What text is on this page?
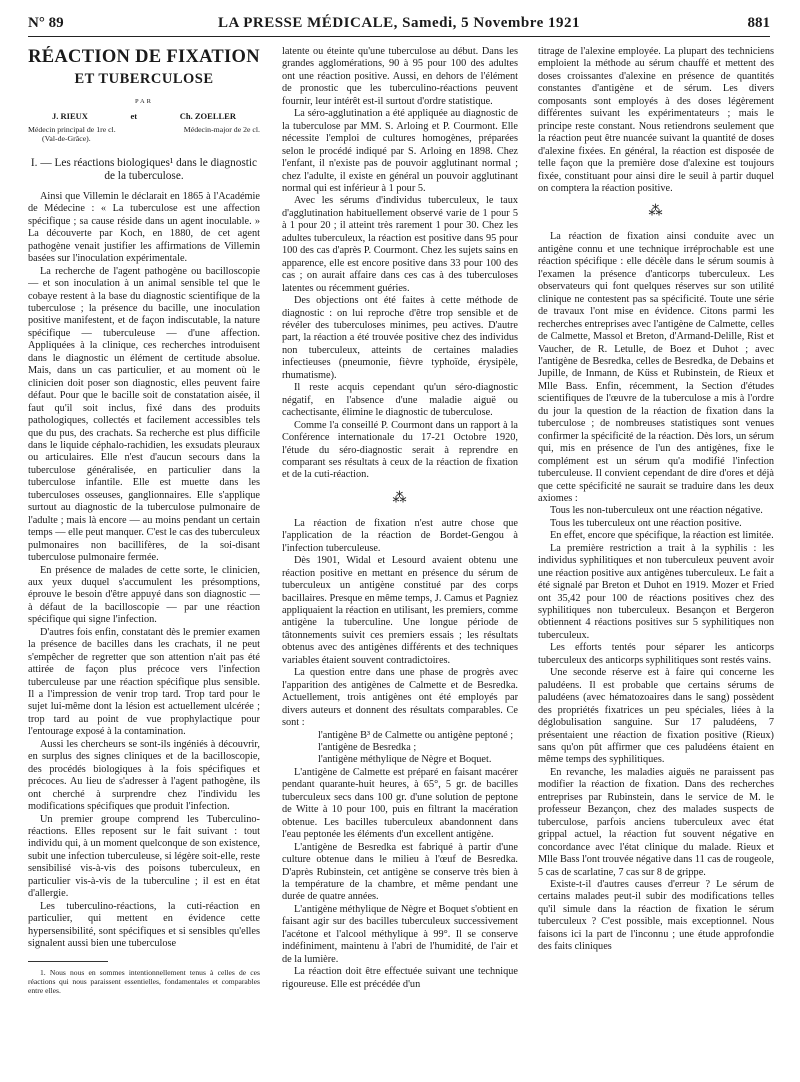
N° 89	LA PRESSE MÉDICALE, Samedi, 5 Novembre 1921	881
RÉACTION DE FIXATION
ET TUBERCULOSE
PAR
J. RIEUX	et	Ch. ZOELLER
Médecin principal de 1re cl.
(Val-de-Grâce).
Médecin-major de 2e cl.
I. — Les réactions biologiques¹ dans le diagnostic de la tuberculose.

Ainsi que Villemin le déclarait en 1865 à l'Académie de Médecine : « La tuberculose est une affection spécifique ; sa cause réside dans un agent inoculable. » La découverte par Koch, en 1880, de cet agent pathogène venait justifier les affirmations de Villemin basées sur l'inoculation expérimentale.

La recherche de l'agent pathogène ou bacilloscopie — et son inoculation à un animal sensible tel que le cobaye restent à la base du diagnostic scientifique de la tuberculose ; la présence du bacille, une inoculation positive manifestent, et de façon indiscutable, la nature spécifique — tuberculeuse — d'une affection. Appliquées à la clinique, ces recherches introduisent dans le diagnostic un élément de certitude absolue. Mais, dans un cas particulier, et au moment où le clinicien doit poser son diagnostic, elles peuvent faire défaut. Pour que le bacille soit de constatation aisée, il faut qu'il soit inclus, fixé dans des produits pathologiques, collectés et facilement accessibles tels que du pus, des crachats. Sa recherche est plus difficile dans le liquide céphalo-rachidien, les exsudats pleuraux ou articulaires. Elle n'est d'aucun secours dans la tuberculose généralisée, en particulier dans la tuberculose infantile. Elle est muette dans les tuberculoses osseuses, ganglionnaires. Elle s'applique surtout au diagnostic de la tuberculose pulmonaire de l'adulte ; mais là encore — au moins pendant un certain temps — elle peut manquer. C'est le cas des tuberculeux pulmonaires non bacillifères, de la soi-disant tuberculose pulmonaire fermée.

En présence de malades de cette sorte, le clinicien, aux yeux duquel s'accumulent les présomptions, éprouve le besoin d'être appuyé dans son diagnostic — à défaut de la bacilloscopie — par une réaction spécifique qui signe l'infection.

D'autres fois enfin, constatant dès le premier examen la présence de bacilles dans les crachats, il ne peut s'empêcher de regretter que son attention n'ait pas été attirée de façon plus précoce vers l'infection tuberculeuse par une réaction spécifique plus sensible. Il a l'impression de venir trop tard. Trop tard pour le sujet lui-même dont la lésion est actuellement ulcérée ; trop tard au point de vue prophylactique pour l'entourage exposé à la contamination.

Aussi les chercheurs se sont-ils ingéniés à découvrir, en surplus des signes cliniques et de la bacilloscopie, des procédés biologiques à la fois spécifiques et précoces. Au lieu de s'adresser à l'agent pathogène, ils ont cherché à surprendre chez l'individu les modifications spécifiques que produit l'infection.

Un premier groupe comprend les Tuberculino-réactions. Elles reposent sur le fait suivant : tout individu qui, à un moment quelconque de son existence, subit une infection tuberculeuse, si légère soit-elle, reste sensibilisé vis-à-vis des poisons tuberculeux, en particulier vis-à-vis de la tuberculine ; il est en état d'allergie.

Les tuberculino-réactions, la cuti-réaction en particulier, qui mettent en évidence cette hypersensibilité, sont spécifiques et si sensibles qu'elles signalent aussi bien une tuberculose

1. Nous nous en sommes intentionnellement tenus à celles de ces réactions qui nous paraissent essentielles, fondamentales et comparables entre elles.

latente ou éteinte qu'une tuberculose au début. Dans les grandes agglomérations, 90 à 95 pour 100 des adultes ont une réaction positive. Aussi, en dehors de l'élément de pronostic que les tuberculino-réactions peuvent fournir, leur intérêt est-il surtout d'ordre statistique.

La séro-agglutination a été appliquée au diagnostic de la tuberculose par MM. S. Arloing et P. Courmont. Elle nécessite l'emploi de cultures homogènes, préparées selon le procédé indiqué par S. Arloing en 1898. Chez l'enfant, il n'existe pas de pouvoir agglutinant normal ; chez l'adulte, il existe en général un pouvoir agglutinant normal qui est inférieur à 1 pour 5.

Avec les sérums d'individus tuberculeux, le taux d'agglutination habituellement observé varie de 1 pour 5 à 1 pour 20 ; il atteint très rarement 1 pour 30. Chez les adultes tuberculeux, la réaction est positive dans 95 pour 100 des cas d'après P. Courmont. Chez les sujets sains en apparence, elle est encore positive dans 33 pour 100 des cas ; on aurait affaire dans ces cas à des tuberculoses latentes ou récemment guéries.

Des objections ont été faites à cette méthode de diagnostic : on lui reproche d'être trop sensible et de révéler des tuberculoses minimes, peu actives. D'autre part, la réaction a été trouvée positive chez des individus non tuberculeux, atteints de certaines maladies infectieuses (pneumonie, fièvre typhoïde, érysipèle, rhumatisme).

Il reste acquis cependant qu'un séro-diagnostic négatif, en l'absence d'une maladie aiguë ou cachectisante, élimine le diagnostic de tuberculose.

Comme l'a conseillé P. Courmont dans un rapport à la Conférence internationale du 17-21 Octobre 1920, l'étude du séro-diagnostic serait à reprendre en comparant ses résultats à ceux de la réaction de fixation et de la cuti-réaction.

⁂

La réaction de fixation n'est autre chose que l'application de la réaction de Bordet-Gengou à l'infection tuberculeuse.

Dès 1901, Widal et Lesourd avaient obtenu une réaction positive en mettant en présence du sérum de tuberculeux un antigène constitué par des corps bacillaires. Presque en même temps, J. Camus et Pagniez appliquaient la réaction en utilisant, les premiers, comme antigène la tuberculine. Une longue période de tâtonnements suivit ces premiers essais ; les résultats obtenus avec des antigènes différents et des techniques variables étaient souvent contradictoires.

La question entre dans une phase de progrès avec l'apparition des antigènes de Calmette et de Besredka. Actuellement, trois antigènes ont été employés par divers auteurs et donnent des résultats comparables. Ce sont :

l'antigène B³ de Calmette ou antigène peptoné ;

l'antigène de Besredka ;

l'antigène méthylique de Nègre et Boquet.

L'antigène de Calmette est préparé en faisant macérer pendant quarante-huit heures, à 65°, 5 gr. de bacilles tuberculeux secs dans 100 gr. d'une solution de peptone de Witte à 10 pour 100, puis en filtrant la macération obtenue. Les bacilles tuberculeux abandonnent dans l'eau peptonée les éléments d'un excellent antigène.

L'antigène de Besredka est fabriqué à partir d'une culture obtenue dans le milieu à l'œuf de Besredka. D'après Rubinstein, cet antigène se conserve très bien à la température de la chambre, et même pendant une durée de quatre années.

L'antigène méthylique de Nègre et Boquet s'obtient en faisant agir sur des bacilles tuberculeux successivement l'acétone et l'alcool méthylique à 99°. Il se conserve indéfiniment, maintenu à l'abri de l'humidité, de l'air et de la lumière.

La réaction doit être effectuée suivant une technique rigoureuse. Elle est précédée d'un

titrage de l'alexine employée. La plupart des techniciens emploient la méthode au sérum chauffé et mettent des doses croissantes d'alexine en présence de quantités constantes d'antigène et de sérum. Les divers composants sont employés à des doses légèrement différentes suivant les expérimentateurs ; mais le principe reste constant. Nous retiendrons seulement que la réaction peut être nuancée suivant la quantité de doses d'alexine fixées. En général, la réaction est disposée de telle façon que la première dose d'alexine est toujours fixée, constituant pour ainsi dire le seuil à partir duquel on comptera la réaction positive.

⁂

La réaction de fixation ainsi conduite avec un antigène connu et une technique irréprochable est une réaction spécifique : elle décèle dans le sérum soumis à l'examen la présence d'anticorps tuberculeux. Les observateurs qui font quelques réserves sur son utilité clinique ne contestent pas sa spécificité. Toute une série de travaux l'ont mise en évidence. Citons parmi les recherches entreprises avec l'antigène de Calmette, celles de Calmette, Massol et Breton, d'Armand-Delille, Rist et Vaucher, de R. Letulle, de Boez et Duhot ; avec l'antigène de Besredka, celles de Besredka, de Debains et Jupille, de Inmann, de Küss et Rubinstein, de Rieux et Mlle Bass. Enfin, récemment, la Section d'études scientifiques de l'œuvre de la tuberculose a mis à l'ordre du jour la question de la réaction de fixation dans la tuberculose ; de nombreuses statistiques sont venues confirmer la spécificité de la réaction. Dès lors, un sérum qui, mis en présence de l'un des antigènes, fixe le complément est un sérum qu'a modifié l'infection tuberculeuse. Il convient cependant de dire d'ores et déjà que cette spécificité ne saurait se traduire dans les deux axiomes :

Tous les non-tuberculeux ont une réaction négative.

Tous les tuberculeux ont une réaction positive.

En effet, encore que spécifique, la réaction est limitée.

La première restriction a trait à la syphilis : les individus syphilitiques et non tuberculeux peuvent avoir une réaction positive aux antigènes tuberculeux. Le fait a été signalé par Breton et Duhot en 1919. Mozer et Fried ont 35,42 pour 100 de réactions positives chez des syphilitiques non tuberculeux. Besançon et Bergeron obtiennent 4 réactions positives sur 5 syphilitiques non tuberculeux.

Les efforts tentés pour séparer les anticorps tuberculeux des anticorps syphilitiques sont restés vains.

Une seconde réserve est à faire qui concerne les paludéens. Il est probable que certains sérums de paludéens (avec hématozoaires dans le sang) possèdent des propriétés fixatrices un peu spéciales, liées à la déglobulisation sanguine. Sur 17 paludéens, 7 présentaient une réaction de fixation positive (Rieux) sans qu'on pût affirmer que ces paludéens étaient en même temps des syphilitiques.

En revanche, les maladies aiguës ne paraissent pas modifier la réaction de fixation. Dans des recherches entreprises par Rubinstein, dans le service de M. le professeur Bezançon, chez des malades suspects de tuberculose, parfois anciens tuberculeux avec état grippal actuel, la réaction fut souvent négative en concordance avec l'état clinique du malade. Rieux et Mlle Bass l'ont trouvée négative dans 11 cas de rougeole, 5 cas de scarlatine, 7 cas sur 8 de grippe.

Existe-t-il d'autres causes d'erreur ? Le sérum de certains malades peut-il subir des modifications telles qu'il simule dans la réaction de fixation le sérum tuberculeux ? C'est possible, mais exceptionnel. Nous faisons ici la part de l'inconnu ; une étude approfondie des faits cliniques
